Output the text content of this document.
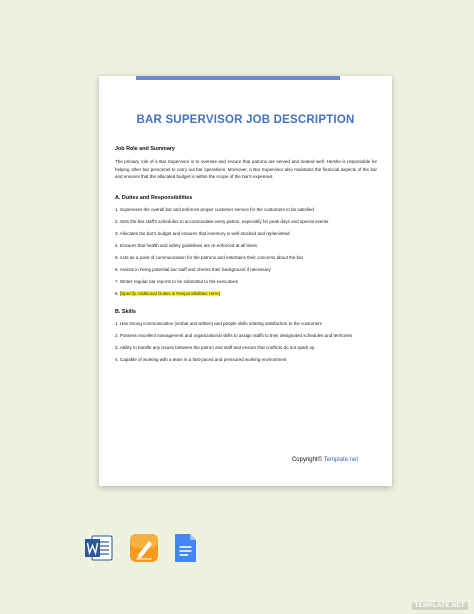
BAR SUPERVISOR JOB DESCRIPTION
Job Role and Summary
The primary role of a Bar Supervisor is to oversee and ensure that patrons are served and treated well. He/she is responsible for helping other bar personnel to carry out bar operations. Moreover, a Bar Supervisor also maintains the financial aspects of the bar and ensures that the allocated budget is within the scope of the bar's expenses.
A. Duties and Responsibilities
1. Supervises the overall bar and enforces proper customer service for the customers to be satisfied
2. Sets the bar staff's schedules to accommodate every patron, especially for peak days and special events
3. Allocates the bar's budget and ensures that inventory is well-stocked and replenished
4. Ensures that health and safety guidelines are re-enforced at all times
5. Acts as a point of communication for the patrons and entertains their concerns about the bar
6. Assists in hiring potential bar staff and checks their background if necessary
7. Writes regular bar reports to be submitted to the executives
8. [Specify Additional Duties & Responsibilities Here]
B. Skills
1. Has strong communication (verbal and written) and people skills relating satisfaction to the customers
2. Possess excellent management and organizational skills to assign staffs to their designated schedules and territories
3. Ability to handle any issues between the patron and staff and ensure that conflicts do not spark up
4. Capable of working with a team in a fast-paced and pressured working environment
Copyright© Template.net
TEMPLATE.NET
